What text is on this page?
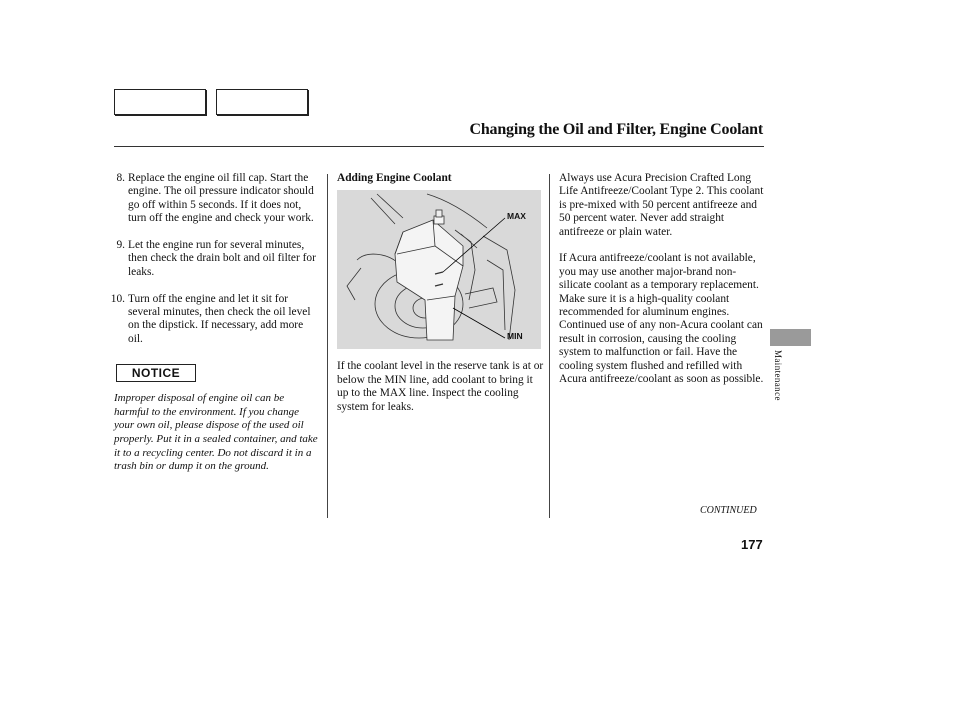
Changing the Oil and Filter, Engine Coolant
8. Replace the engine oil fill cap. Start the engine. The oil pressure indicator should go off within 5 seconds. If it does not, turn off the engine and check your work.
9. Let the engine run for several minutes, then check the drain bolt and oil filter for leaks.
10. Turn off the engine and let it sit for several minutes, then check the oil level on the dipstick. If necessary, add more oil.
NOTICE

Improper disposal of engine oil can be harmful to the environment. If you change your own oil, please dispose of the used oil properly. Put it in a sealed container, and take it to a recycling center. Do not discard it in a trash bin or dump it on the ground.

Adding Engine Coolant
MAX
MIN

If the coolant level in the reserve tank is at or below the MIN line, add coolant to bring it up to the MAX line. Inspect the cooling system for leaks.

Always use Acura Precision Crafted Long Life Antifreeze/Coolant Type 2. This coolant is pre-mixed with 50 percent antifreeze and 50 percent water. Never add straight antifreeze or plain water.

If Acura antifreeze/coolant is not available, you may use another major-brand non-silicate coolant as a temporary replacement. Make sure it is a high-quality coolant recommended for aluminum engines. Continued use of any non-Acura coolant can result in corrosion, causing the cooling system to malfunction or fail. Have the cooling system flushed and refilled with Acura antifreeze/coolant as soon as possible.	Maintenance
CONTINUED
177
